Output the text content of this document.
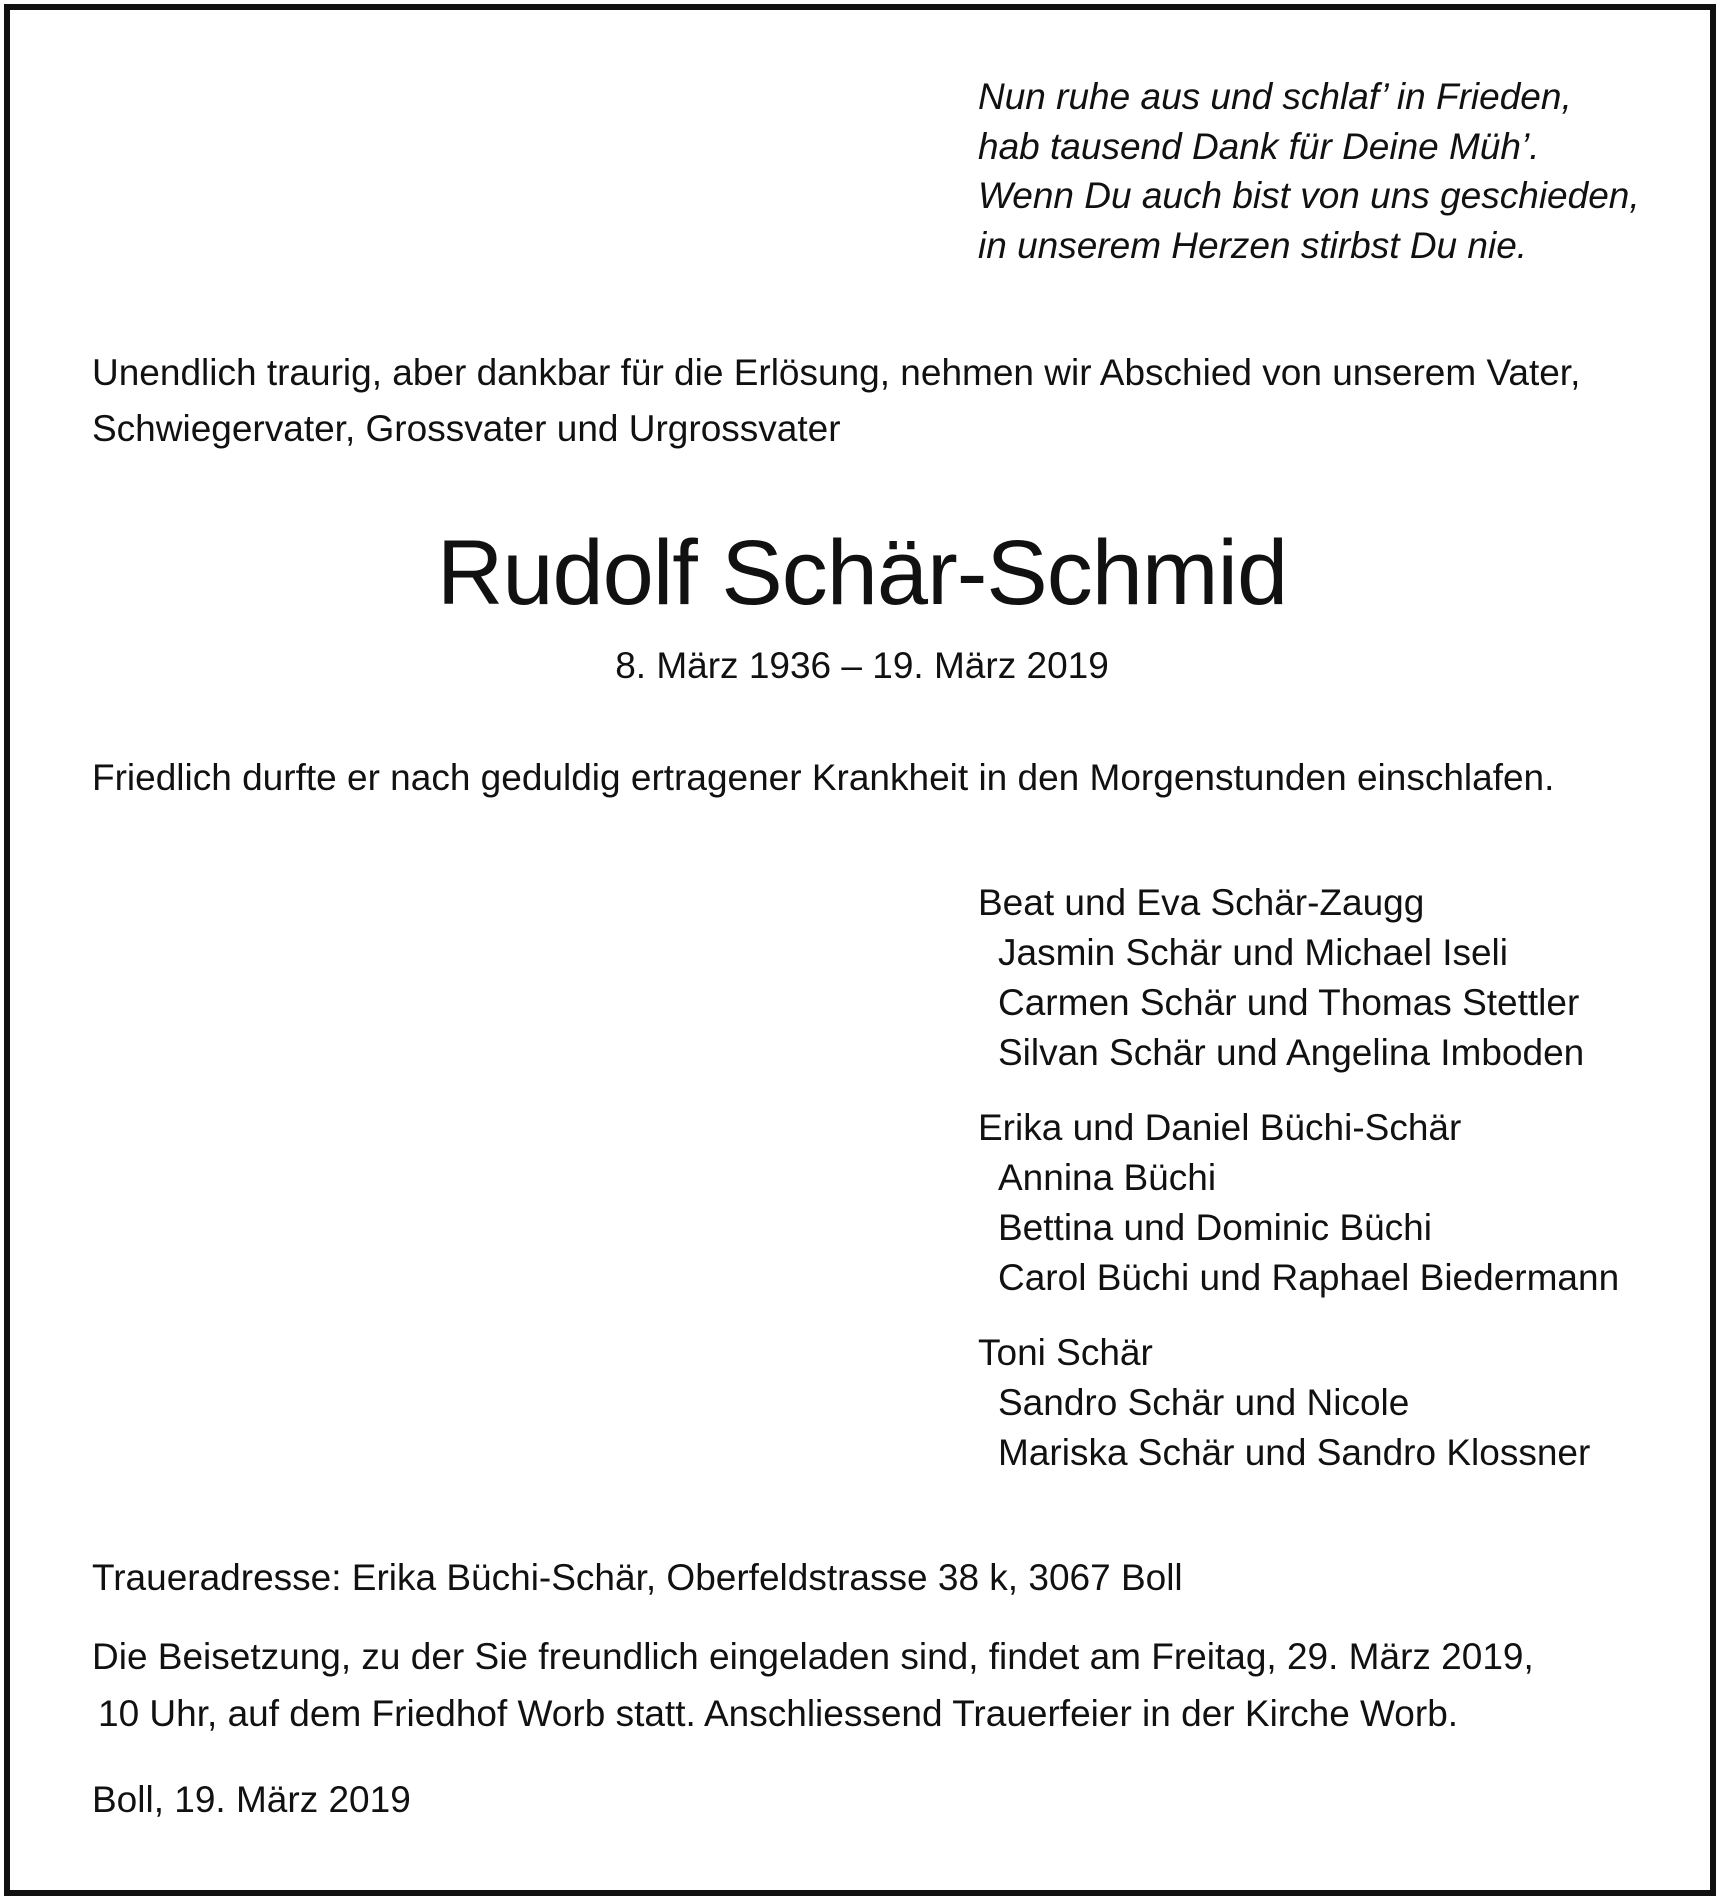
Nun ruhe aus und schlaf’ in Frieden,
hab tausend Dank für Deine Müh’.
Wenn Du auch bist von uns geschieden,
in unserem Herzen stirbst Du nie.
Unendlich traurig, aber dankbar für die Erlösung, nehmen wir Abschied von unserem Vater,
Schwiegervater, Grossvater und Urgrossvater
Rudolf Schär-Schmid
8. März 1936 – 19. März 2019
Friedlich durfte er nach geduldig ertragener Krankheit in den Morgenstunden einschlafen.
Beat und Eva Schär-Zaugg
Jasmin Schär und Michael Iseli
Carmen Schär und Thomas Stettler
Silvan Schär und Angelina Imboden
Erika und Daniel Büchi-Schär
Annina Büchi
Bettina und Dominic Büchi
Carol Büchi und Raphael Biedermann
Toni Schär
Sandro Schär und Nicole
Mariska Schär und Sandro Klossner
Traueradresse: Erika Büchi-Schär, Oberfeldstrasse 38 k, 3067 Boll
Die Beisetzung, zu der Sie freundlich eingeladen sind, findet am Freitag, 29. März 2019,
10 Uhr, auf dem Friedhof Worb statt. Anschliessend Trauerfeier in der Kirche Worb.
Boll, 19. März 2019
